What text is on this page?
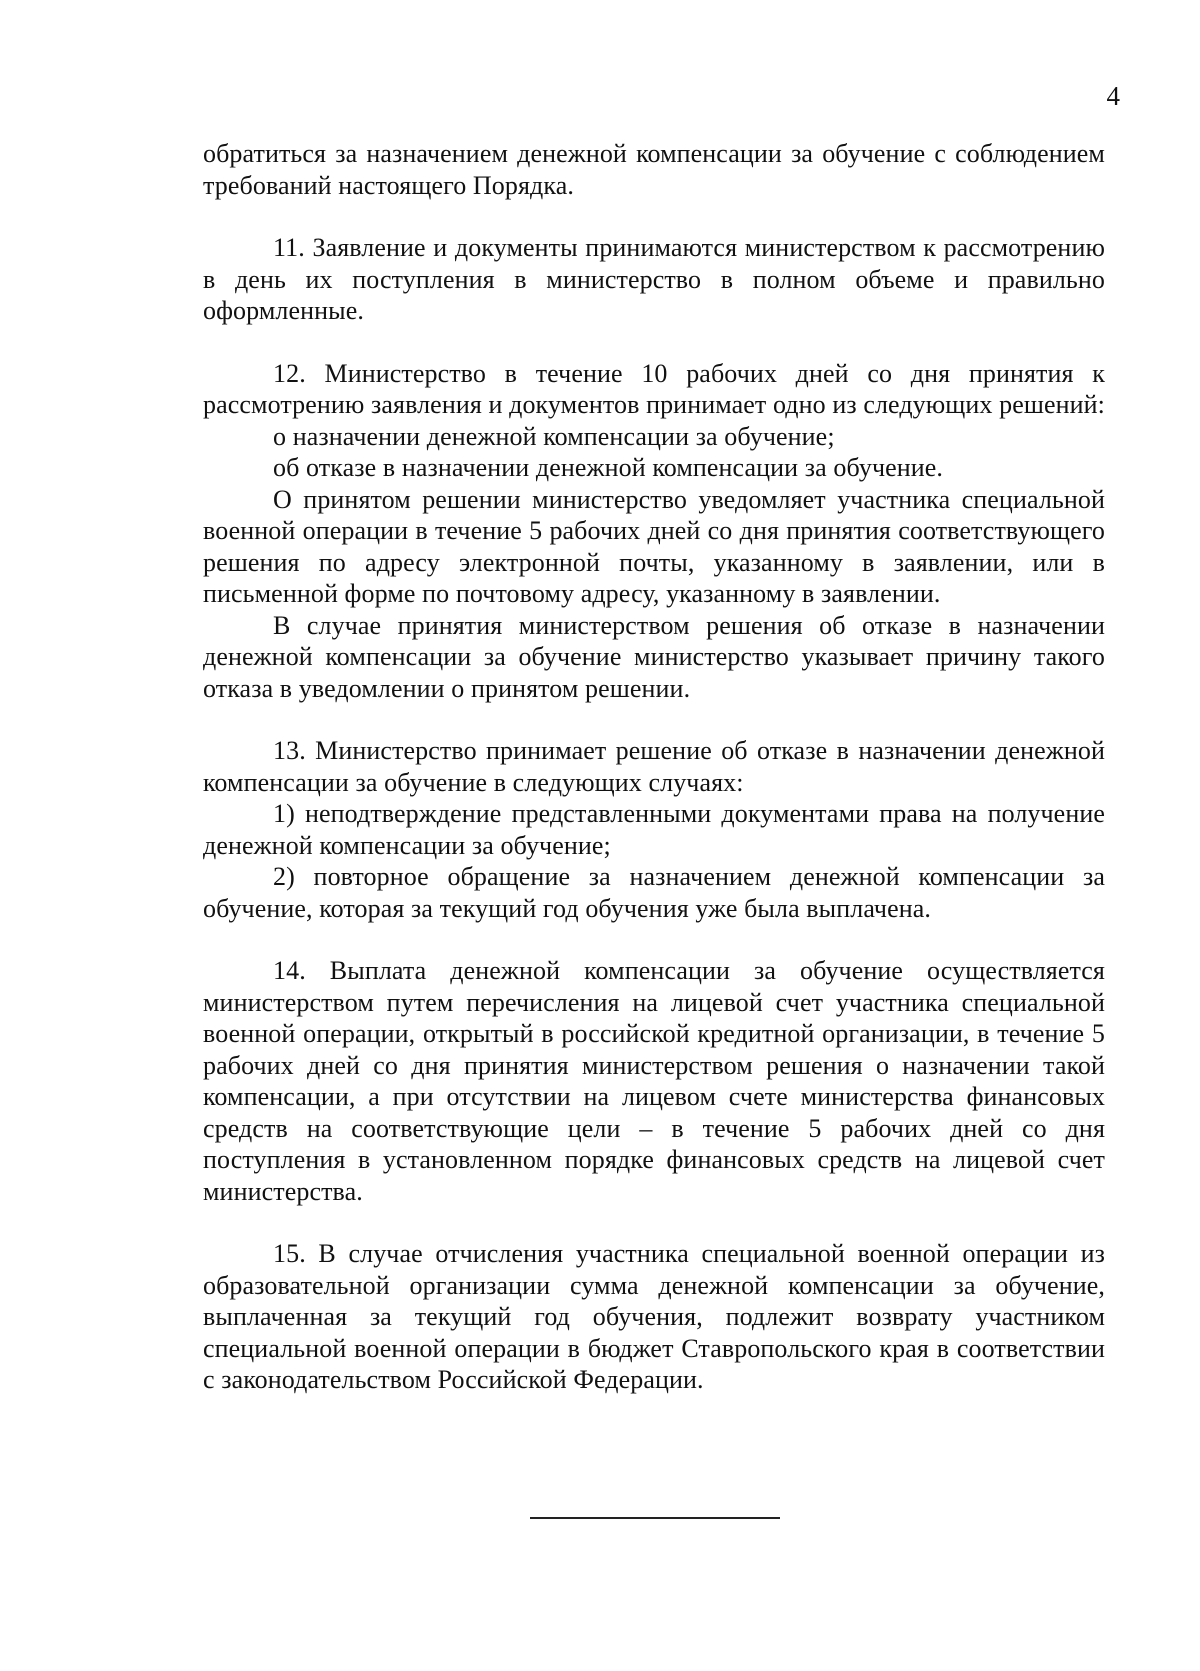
4

обратиться за назначением денежной компенсации за обучение с соблюдением требований настоящего Порядка.

11. Заявление и документы принимаются министерством к рассмотрению в день их поступления в министерство в полном объеме и правильно оформленные.

12. Министерство в течение 10 рабочих дней со дня принятия к рассмотрению заявления и документов принимает одно из следующих решений:

о назначении денежной компенсации за обучение;

об отказе в назначении денежной компенсации за обучение.

О принятом решении министерство уведомляет участника специальной военной операции в течение 5 рабочих дней со дня принятия соответствующего решения по адресу электронной почты, указанному в заявлении, или в письменной форме по почтовому адресу, указанному в заявлении.

В случае принятия министерством решения об отказе в назначении денежной компенсации за обучение министерство указывает причину такого отказа в уведомлении о принятом решении.

13. Министерство принимает решение об отказе в назначении денежной компенсации за обучение в следующих случаях:

1) неподтверждение представленными документами права на получение денежной компенсации за обучение;

2) повторное обращение за назначением денежной компенсации за обучение, которая за текущий год обучения уже была выплачена.

14. Выплата денежной компенсации за обучение осуществляется министерством путем перечисления на лицевой счет участника специальной военной операции, открытый в российской кредитной организации, в течение 5 рабочих дней со дня принятия министерством решения о назначении такой компенсации, а при отсутствии на лицевом счете министерства финансовых средств на соответствующие цели – в течение 5 рабочих дней со дня поступления в установленном порядке финансовых средств на лицевой счет министерства.

15. В случае отчисления участника специальной военной операции из образовательной организации сумма денежной компенсации за обучение, выплаченная за текущий год обучения, подлежит возврату участником специальной военной операции в бюджет Ставропольского края в соответствии с законодательством Российской Федерации.
